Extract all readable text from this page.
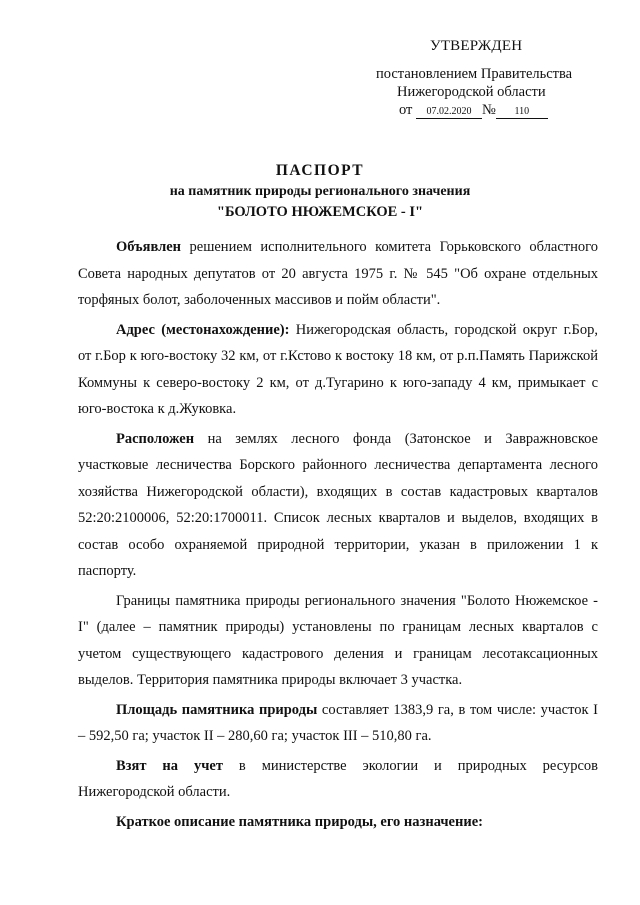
УТВЕРЖДЕН
постановлением Правительства
Нижегородской области
от 07.02.2020 № 110
ПАСПОРТ
на памятник природы регионального значения
"БОЛОТО НЮЖЕМСКОЕ - I"

Объявлен решением исполнительного комитета Горьковского областного Совета народных депутатов от 20 августа 1975 г. № 545 "Об охране отдельных торфяных болот, заболоченных массивов и пойм области".

Адрес (местонахождение): Нижегородская область, городской округ г.Бор, от г.Бор к юго-востоку 32 км, от г.Кстово к востоку 18 км, от р.п.Память Парижской Коммуны к северо-востоку 2 км, от д.Тугарино к юго-западу 4 км, примыкает с юго-востока к д.Жуковка.

Расположен на землях лесного фонда (Затонское и Завражновское участковые лесничества Борского районного лесничества департамента лесного хозяйства Нижегородской области), входящих в состав кадастровых кварталов 52:20:2100006, 52:20:1700011. Список лесных кварталов и выделов, входящих в состав особо охраняемой природной территории, указан в приложении 1 к паспорту.

Границы памятника природы регионального значения "Болото Нюжемское - I" (далее – памятник природы) установлены по границам лесных кварталов с учетом существующего кадастрового деления и границам лесотаксационных выделов. Территория памятника природы включает 3 участка.

Площадь памятника природы составляет 1383,9 га, в том числе: участок I – 592,50 га; участок II – 280,60 га; участок III – 510,80 га.

Взят на учет в министерстве экологии и природных ресурсов Нижегородской области.

Краткое описание памятника природы, его назначение:
